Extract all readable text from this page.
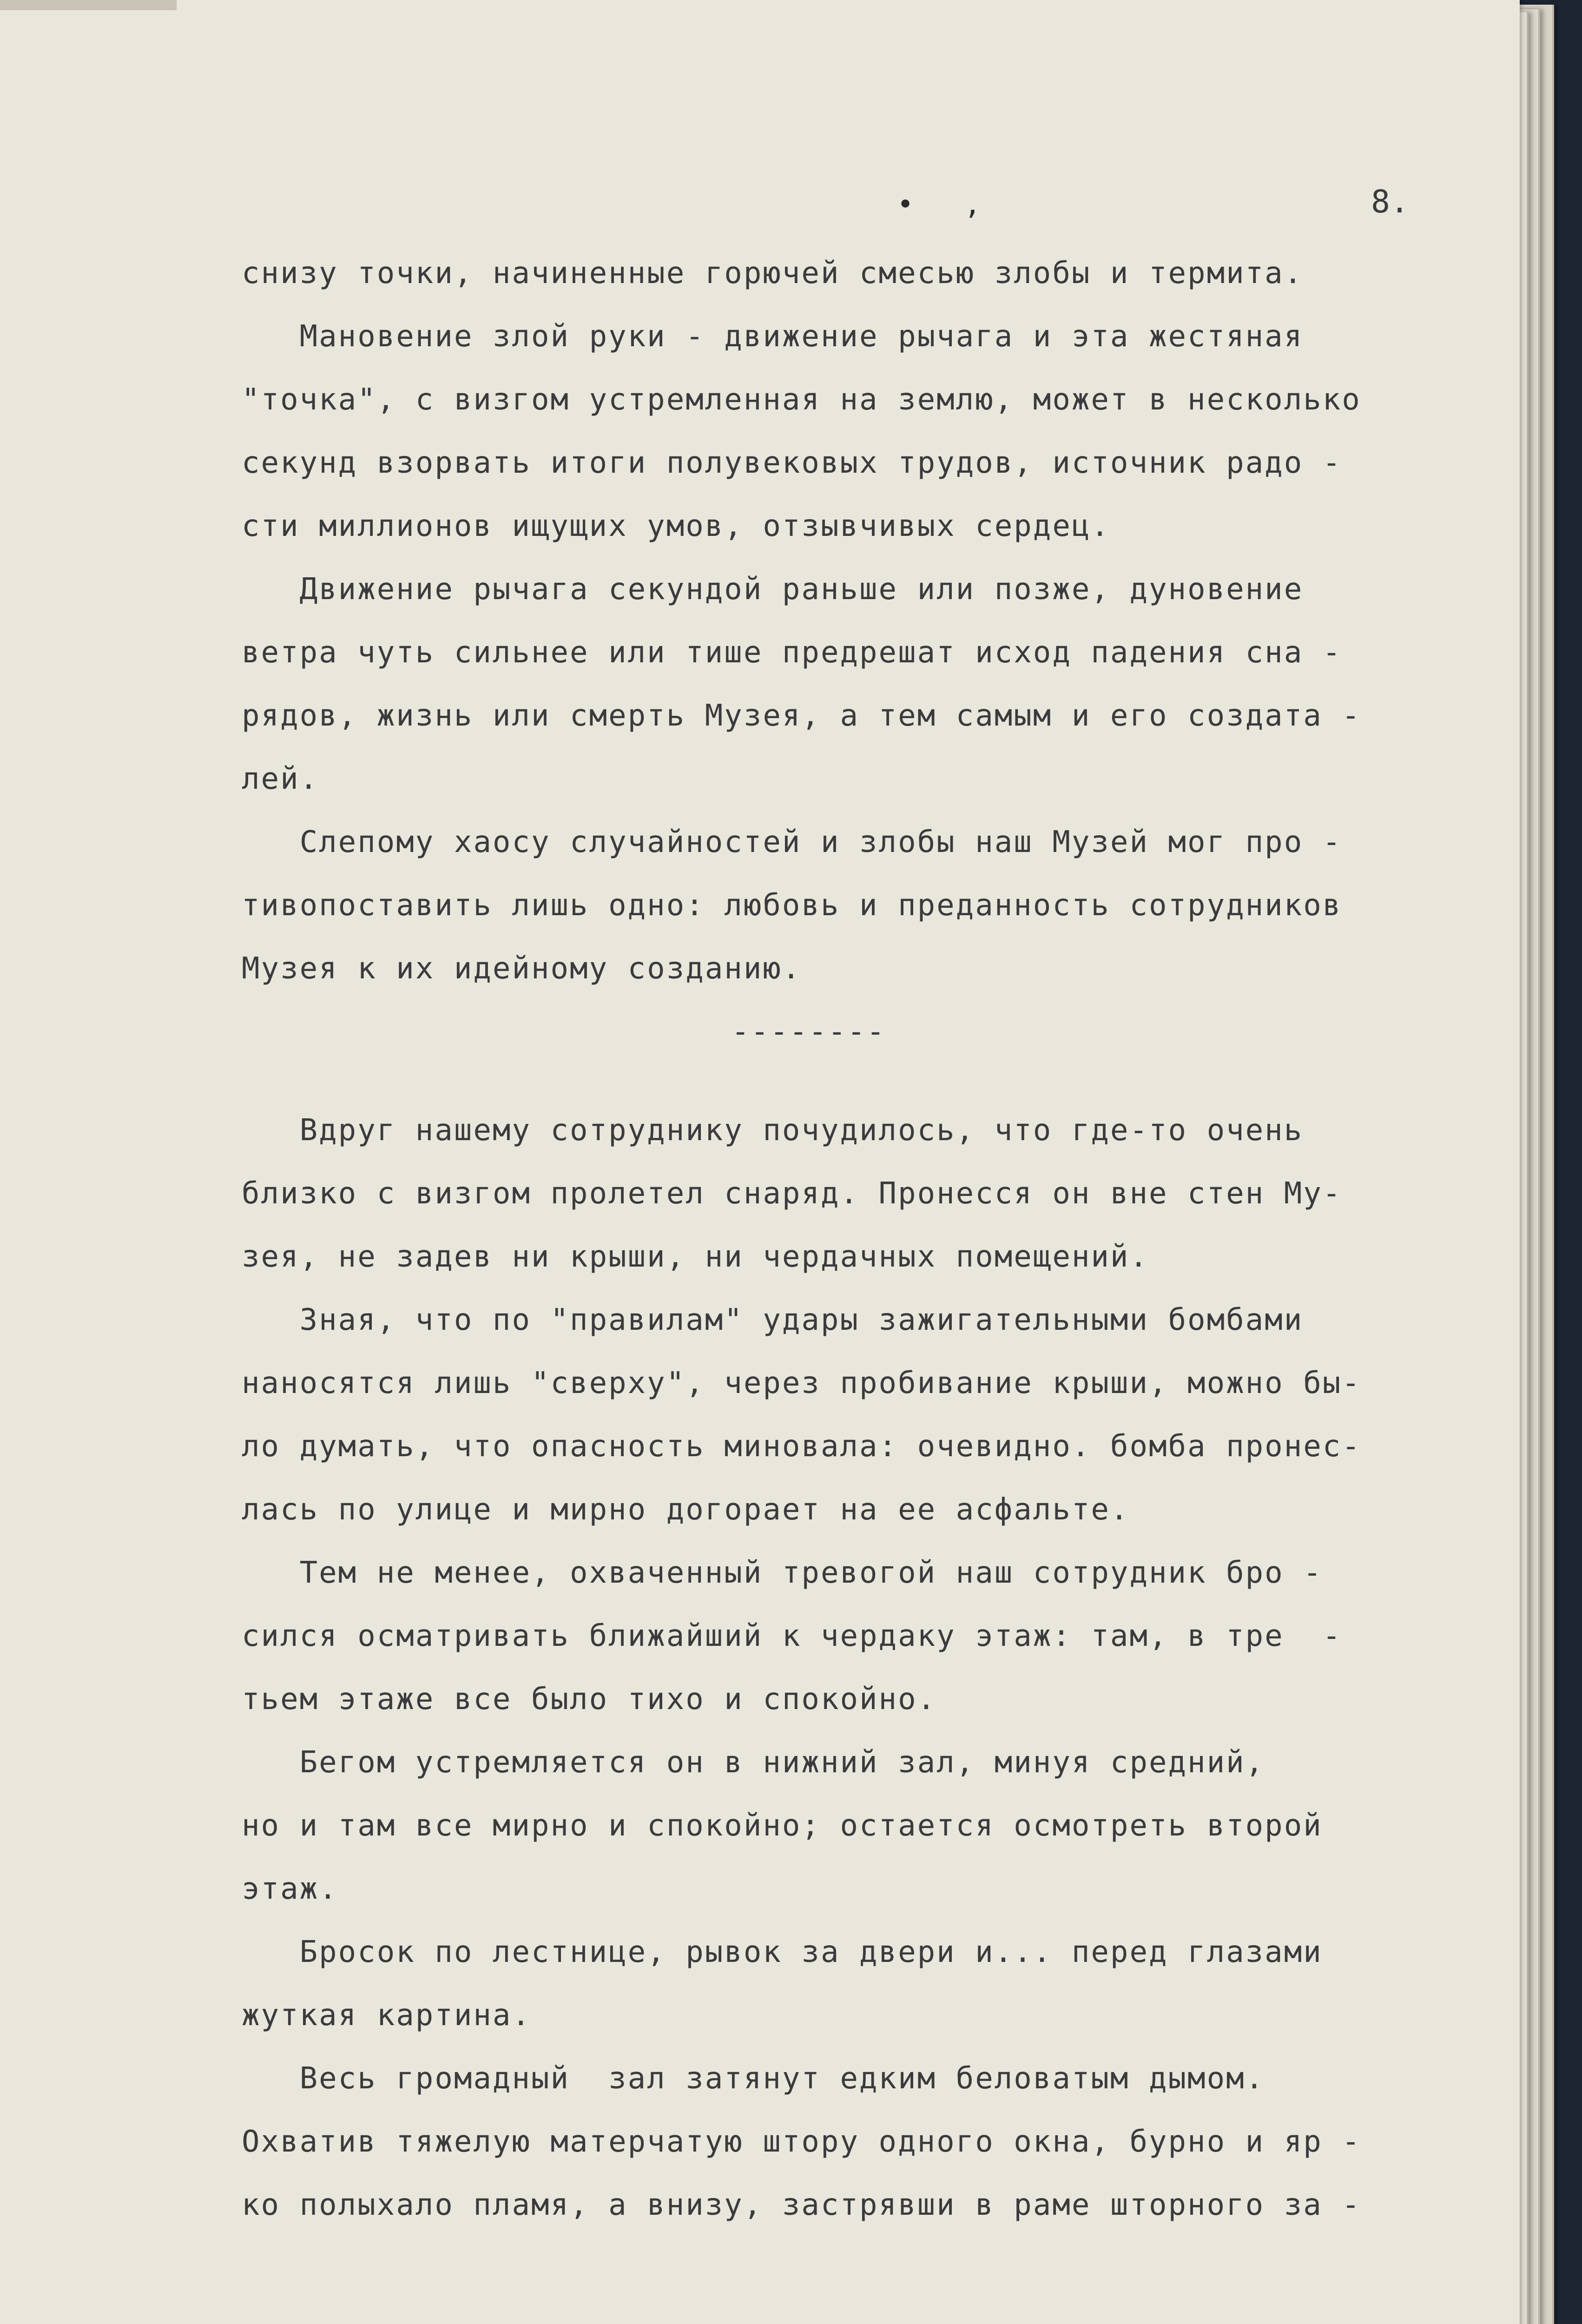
•   ,	8.
снизу точки, начиненные горючей смесью злобы и термита.
Мановение злой руки - движение рычага и эта жестяная
"точка", с визгом устремленная на землю, может в несколько
секунд взорвать итоги полувековых трудов, источник радо -
сти миллионов ищущих умов, отзывчивых сердец.
Движение рычага секундой раньше или позже, дуновение
ветра чуть сильнее или тише предрешат исход падения сна -
рядов, жизнь или смерть Музея, а тем самым и его создата -
лей.
Слепому хаосу случайностей и злобы наш Музей мог про -
тивопоставить лишь одно: любовь и преданность сотрудников
Музея к их идейному созданию.
--------
Вдруг нашему сотруднику почудилось, что где-то очень
близко с визгом пролетел снаряд. Пронесся он вне стен Му-
зея, не задев ни крыши, ни чердачных помещений.
Зная, что по "правилам" удары зажигательными бомбами
наносятся лишь "сверху", через пробивание крыши, можно бы-
ло думать, что опасность миновала: очевидно. бомба пронес-
лась по улице и мирно догорает на ее асфальте.
Тем не менее, охваченный тревогой наш сотрудник бро -
сился осматривать ближайший к чердаку этаж: там, в тре  -
тьем этаже все было тихо и спокойно.
Бегом устремляется он в нижний зал, минуя средний,
но и там все мирно и спокойно; остается осмотреть второй
этаж.
Бросок по лестнице, рывок за двери и... перед глазами
жуткая картина.
Весь громадный  зал затянут едким беловатым дымом.
Охватив тяжелую матерчатую штору одного окна, бурно и яр -
ко полыхало пламя, а внизу, застрявши в раме шторного за -
